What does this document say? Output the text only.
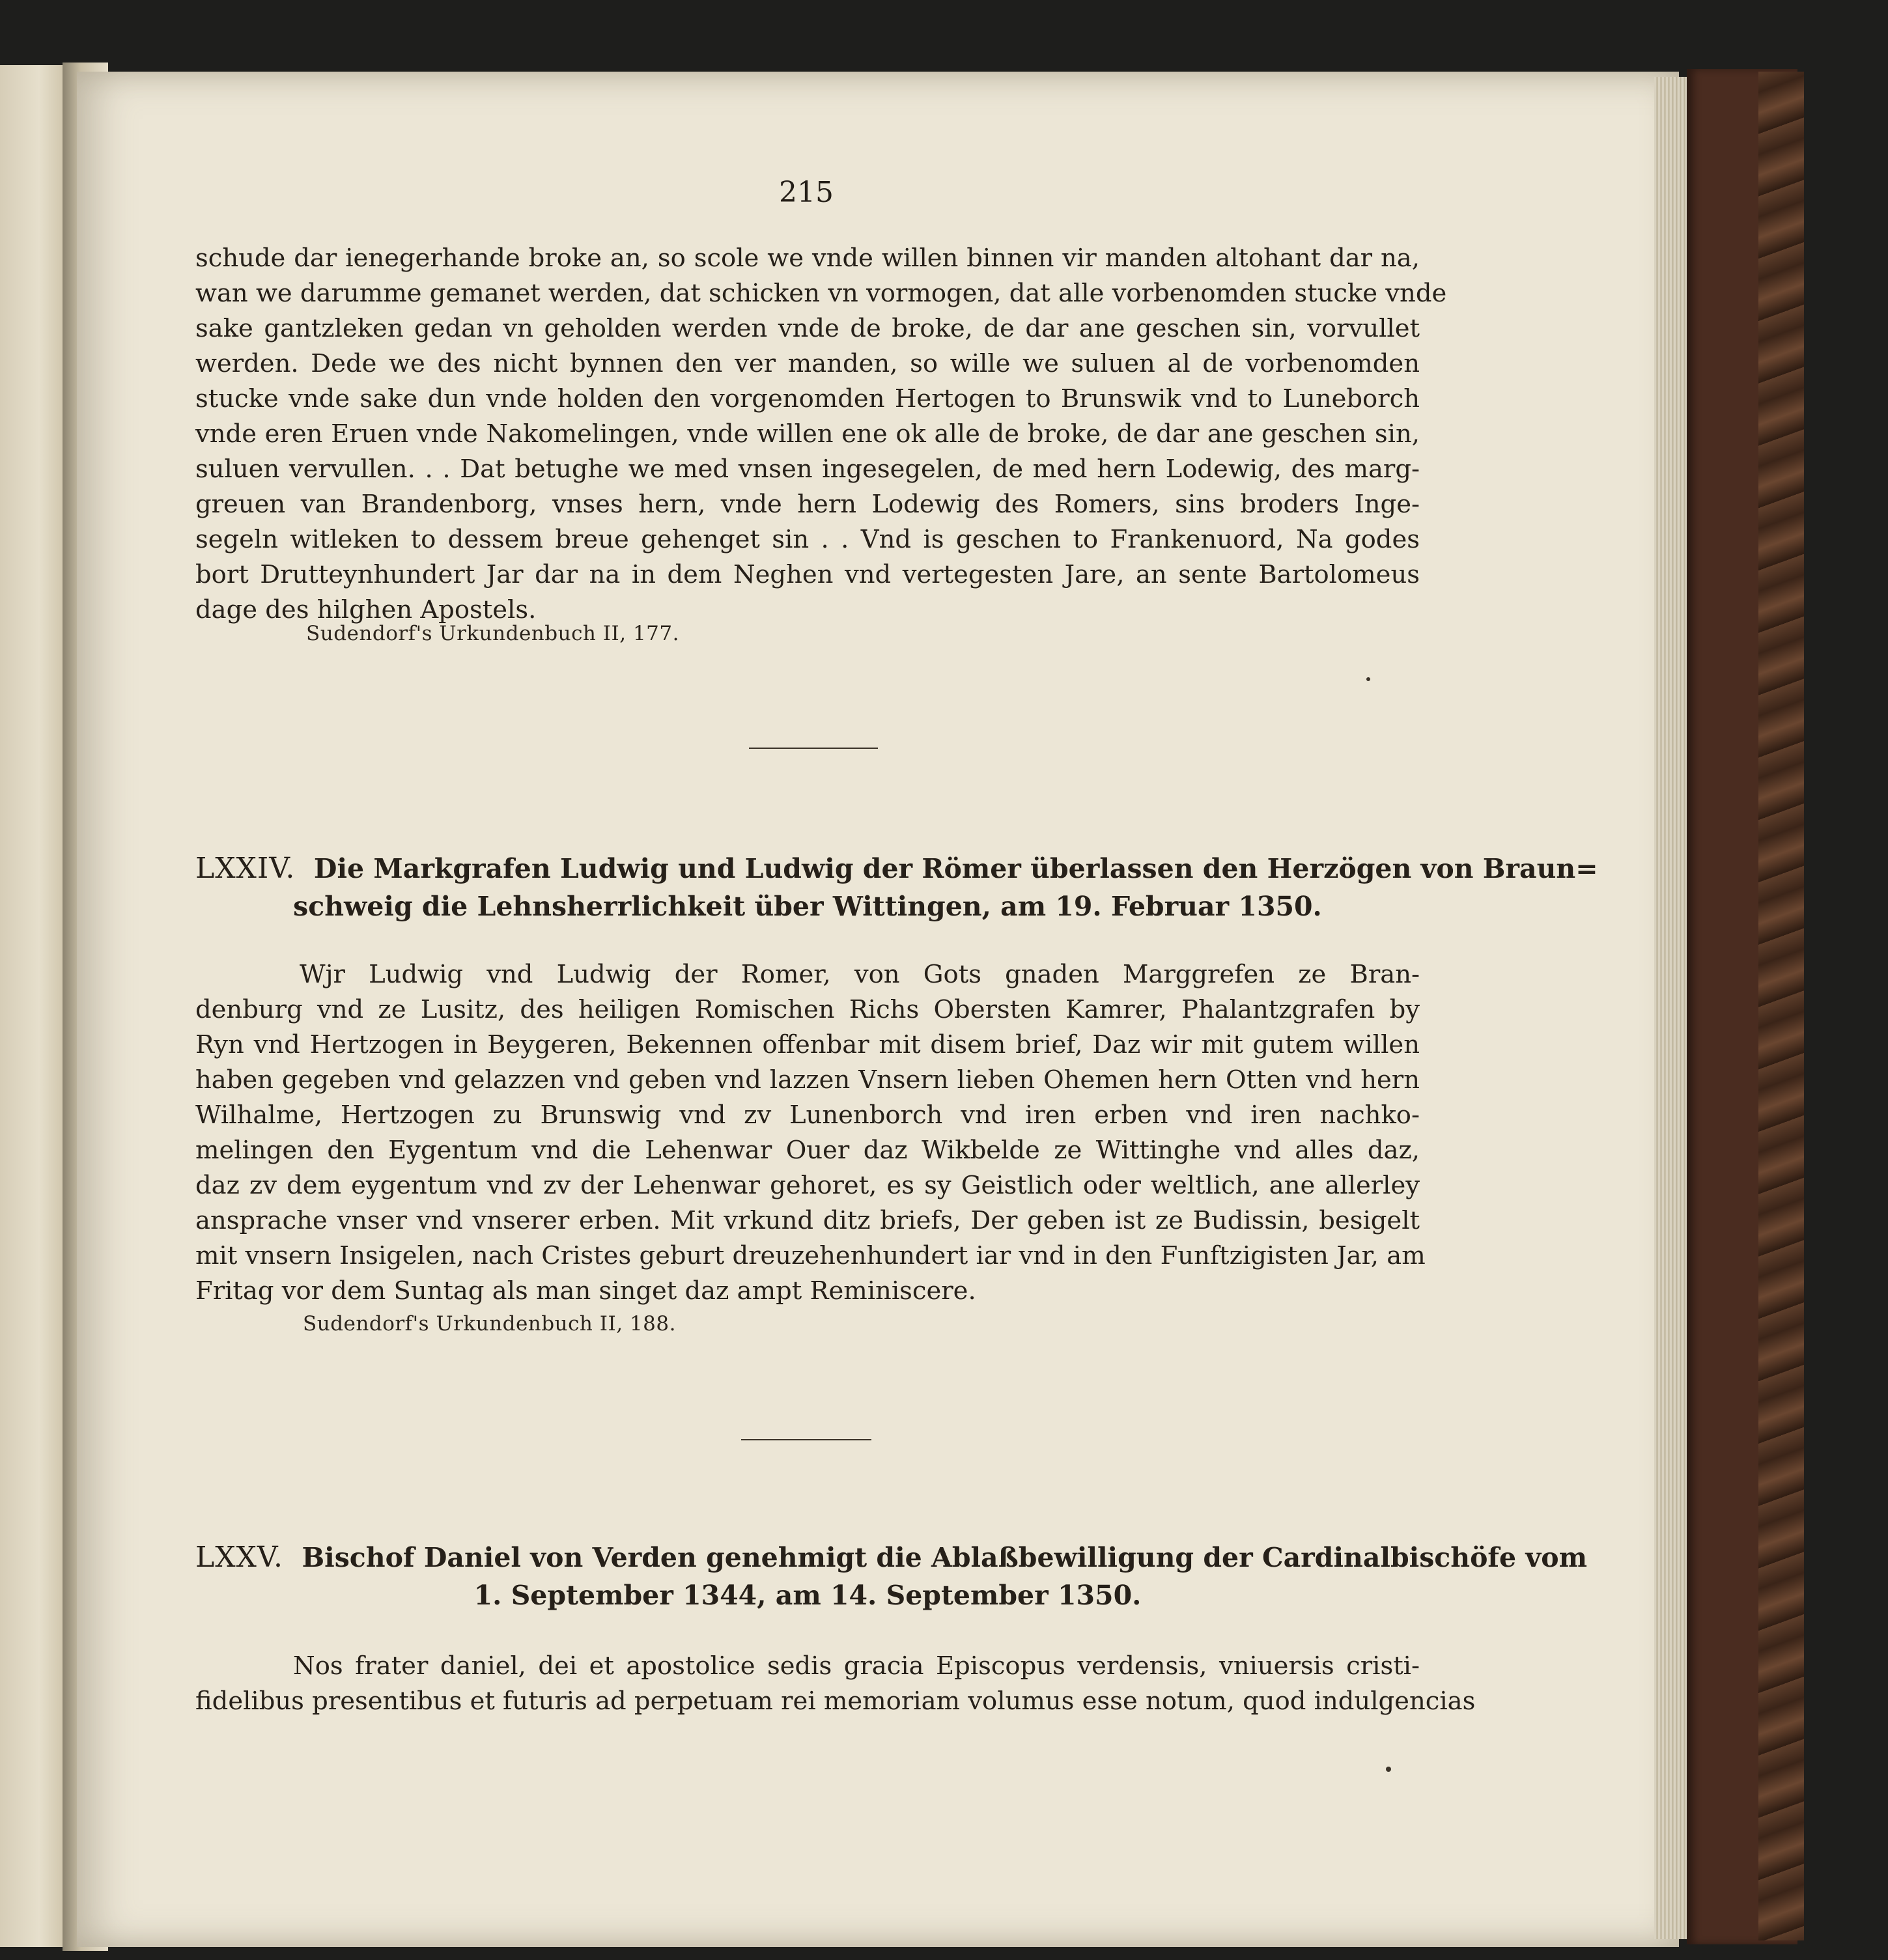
215
schude dar ienegerhande broke an, so scole we vnde willen binnen vir manden altohant dar na,
wan we darumme gemanet werden, dat schicken vn vormogen, dat alle vorbenomden stucke vnde
sake gantzleken gedan vn geholden werden vnde de broke, de dar ane geschen sin, vorvullet
werden. Dede we des nicht bynnen den ver manden, so wille we suluen al de vorbenomden
stucke vnde sake dun vnde holden den vorgenomden Hertogen to Brunswik vnd to Luneborch
vnde eren Eruen vnde Nakomelingen, vnde willen ene ok alle de broke, de dar ane geschen sin,
suluen vervullen. . . Dat betughe we med vnsen ingesegelen, de med hern Lodewig, des marg-
greuen van Brandenborg, vnses hern, vnde hern Lodewig des Romers, sins broders Inge-
segeln witleken to dessem breue gehenget sin . . Vnd is geschen to Frankenuord, Na godes
bort Drutteynhundert Jar dar na in dem Neghen vnd vertegesten Jare, an sente Bartolomeus
dage des hilghen Apostels.
Sudendorf's Urkundenbuch II, 177.
LXXIV. Die Markgrafen Ludwig und Ludwig der Römer überlassen den Herzögen von Braun=
schweig die Lehnsherrlichkeit über Wittingen, am 19. Februar 1350.
Wjr Ludwig vnd Ludwig der Romer, von Gots gnaden Marggrefen ze Bran-
denburg vnd ze Lusitz, des heiligen Romischen Richs Obersten Kamrer, Phalantzgrafen by
Ryn vnd Hertzogen in Beygeren, Bekennen offenbar mit disem brief, Daz wir mit gutem willen
haben gegeben vnd gelazzen vnd geben vnd lazzen Vnsern lieben Ohemen hern Otten vnd hern
Wilhalme, Hertzogen zu Brunswig vnd zv Lunenborch vnd iren erben vnd iren nachko-
melingen den Eygentum vnd die Lehenwar Ouer daz Wikbelde ze Wittinghe vnd alles daz,
daz zv dem eygentum vnd zv der Lehenwar gehoret, es sy Geistlich oder weltlich, ane allerley
ansprache vnser vnd vnserer erben. Mit vrkund ditz briefs, Der geben ist ze Budissin, besigelt
mit vnsern Insigelen, nach Cristes geburt dreuzehenhundert iar vnd in den Funftzigisten Jar, am
Fritag vor dem Suntag als man singet daz ampt Reminiscere.
Sudendorf's Urkundenbuch II, 188.
LXXV. Bischof Daniel von Verden genehmigt die Ablaßbewilligung der Cardinalbischöfe vom
1. September 1344, am 14. September 1350.
Nos frater daniel, dei et apostolice sedis gracia Episcopus verdensis, vniuersis cristi-
fidelibus presentibus et futuris ad perpetuam rei memoriam volumus esse notum, quod indulgencias
